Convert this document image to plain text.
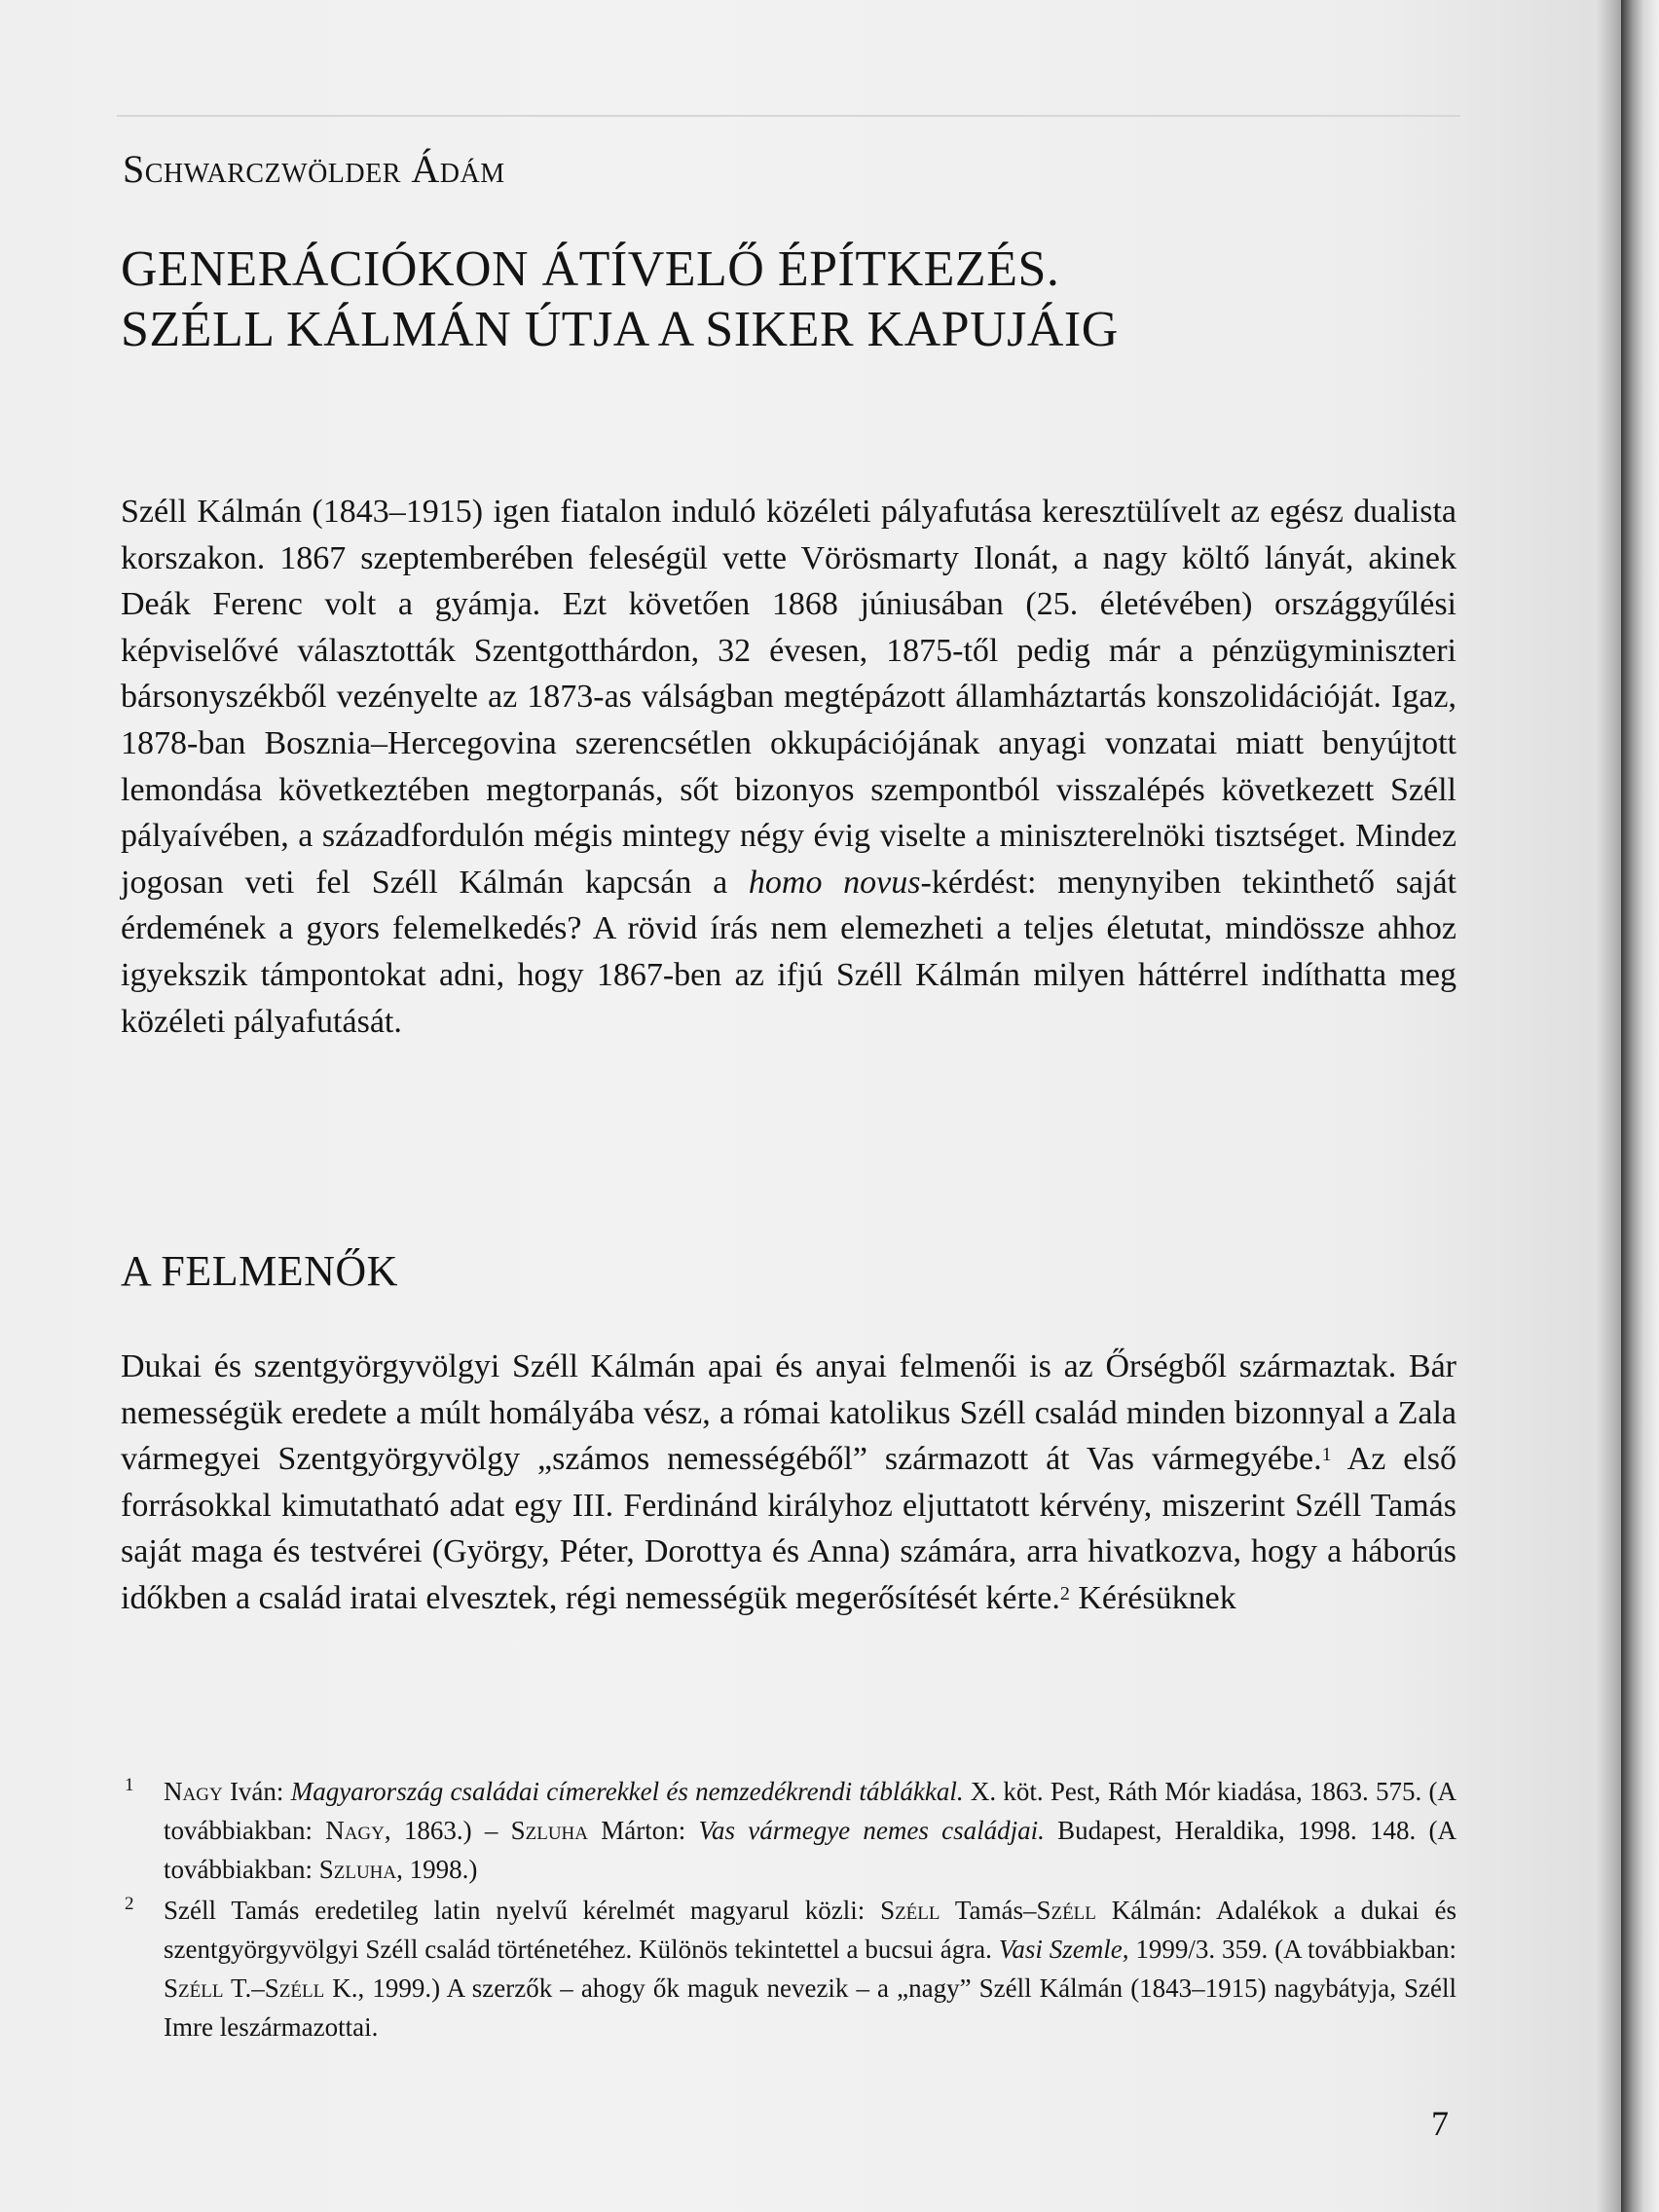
Schwarczwölder Ádám
GENERÁCIÓKON ÁTÍVELŐ ÉPÍTKEZÉS.
SZÉLL KÁLMÁN ÚTJA A SIKER KAPUJÁIG
Széll Kálmán (1843–1915) igen fiatalon induló közéleti pályafutása keresztülívelt az egész dualista korszakon. 1867 szeptemberében feleségül vette Vörösmarty Ilonát, a nagy költő lányát, akinek Deák Ferenc volt a gyámja. Ezt követően 1868 júniusában (25. életévében) országgyűlési képviselővé választották Szentgotthárdon, 32 évesen, 1875-től pedig már a pénzügyminiszteri bársonyszékből vezényelte az 1873-as válságban megtépázott államháztartás konszolidációját. Igaz, 1878-ban Bosznia–Hercegovina szerencsétlen okkupációjának anyagi vonzatai miatt benyújtott lemondása következtében megtorpanás, sőt bizonyos szempontból visszalépés következett Széll pályaívében, a századfordulón mégis mintegy négy évig viselte a miniszterelnöki tisztséget. Mindez jogosan veti fel Széll Kálmán kapcsán a homo novus-kérdést: menynyiben tekinthető saját érdemének a gyors felemelkedés? A rövid írás nem elemezheti a teljes életutat, mindössze ahhoz igyekszik támpontokat adni, hogy 1867-ben az ifjú Széll Kálmán milyen háttérrel indíthatta meg közéleti pályafutását.
A FELMENŐK
Dukai és szentgyörgyvölgyi Széll Kálmán apai és anyai felmenői is az Őrségből származtak. Bár nemességük eredete a múlt homályába vész, a római katolikus Széll család minden bizonnyal a Zala vármegyei Szentgyörgyvölgy „számos nemességéből” származott át Vas vármegyébe.$^1$ Az első forrásokkal kimutatható adat egy III. Ferdinánd királyhoz eljuttatott kérvény, miszerint Széll Tamás saját maga és testvérei (György, Péter, Dorottya és Anna) számára, arra hivatkozva, hogy a háborús időkben a család iratai elvesztek, régi nemességük megerősítését kérte.$^2$ Kérésüknek
1 Nagy Iván: Magyarország családai címerekkel és nemzedékrendi táblákkal. X. köt. Pest, Ráth Mór kiadása, 1863. 575. (A továbbiakban: Nagy, 1863.) – Szluha Márton: Vas vármegye nemes családjai. Budapest, Heraldika, 1998. 148. (A továbbiakban: Szluha, 1998.)
2 Széll Tamás eredetileg latin nyelvű kérelmét magyarul közli: Széll Tamás–Széll Kálmán: Adalékok a dukai és szentgyörgyvölgyi Széll család történetéhez. Különös tekintettel a bucsui ágra. Vasi Szemle, 1999/3. 359. (A továbbiakban: Széll T.–Széll K., 1999.) A szerzők – ahogy ők maguk nevezik – a „nagy” Széll Kálmán (1843–1915) nagybátyja, Széll Imre leszármazottai.
7
